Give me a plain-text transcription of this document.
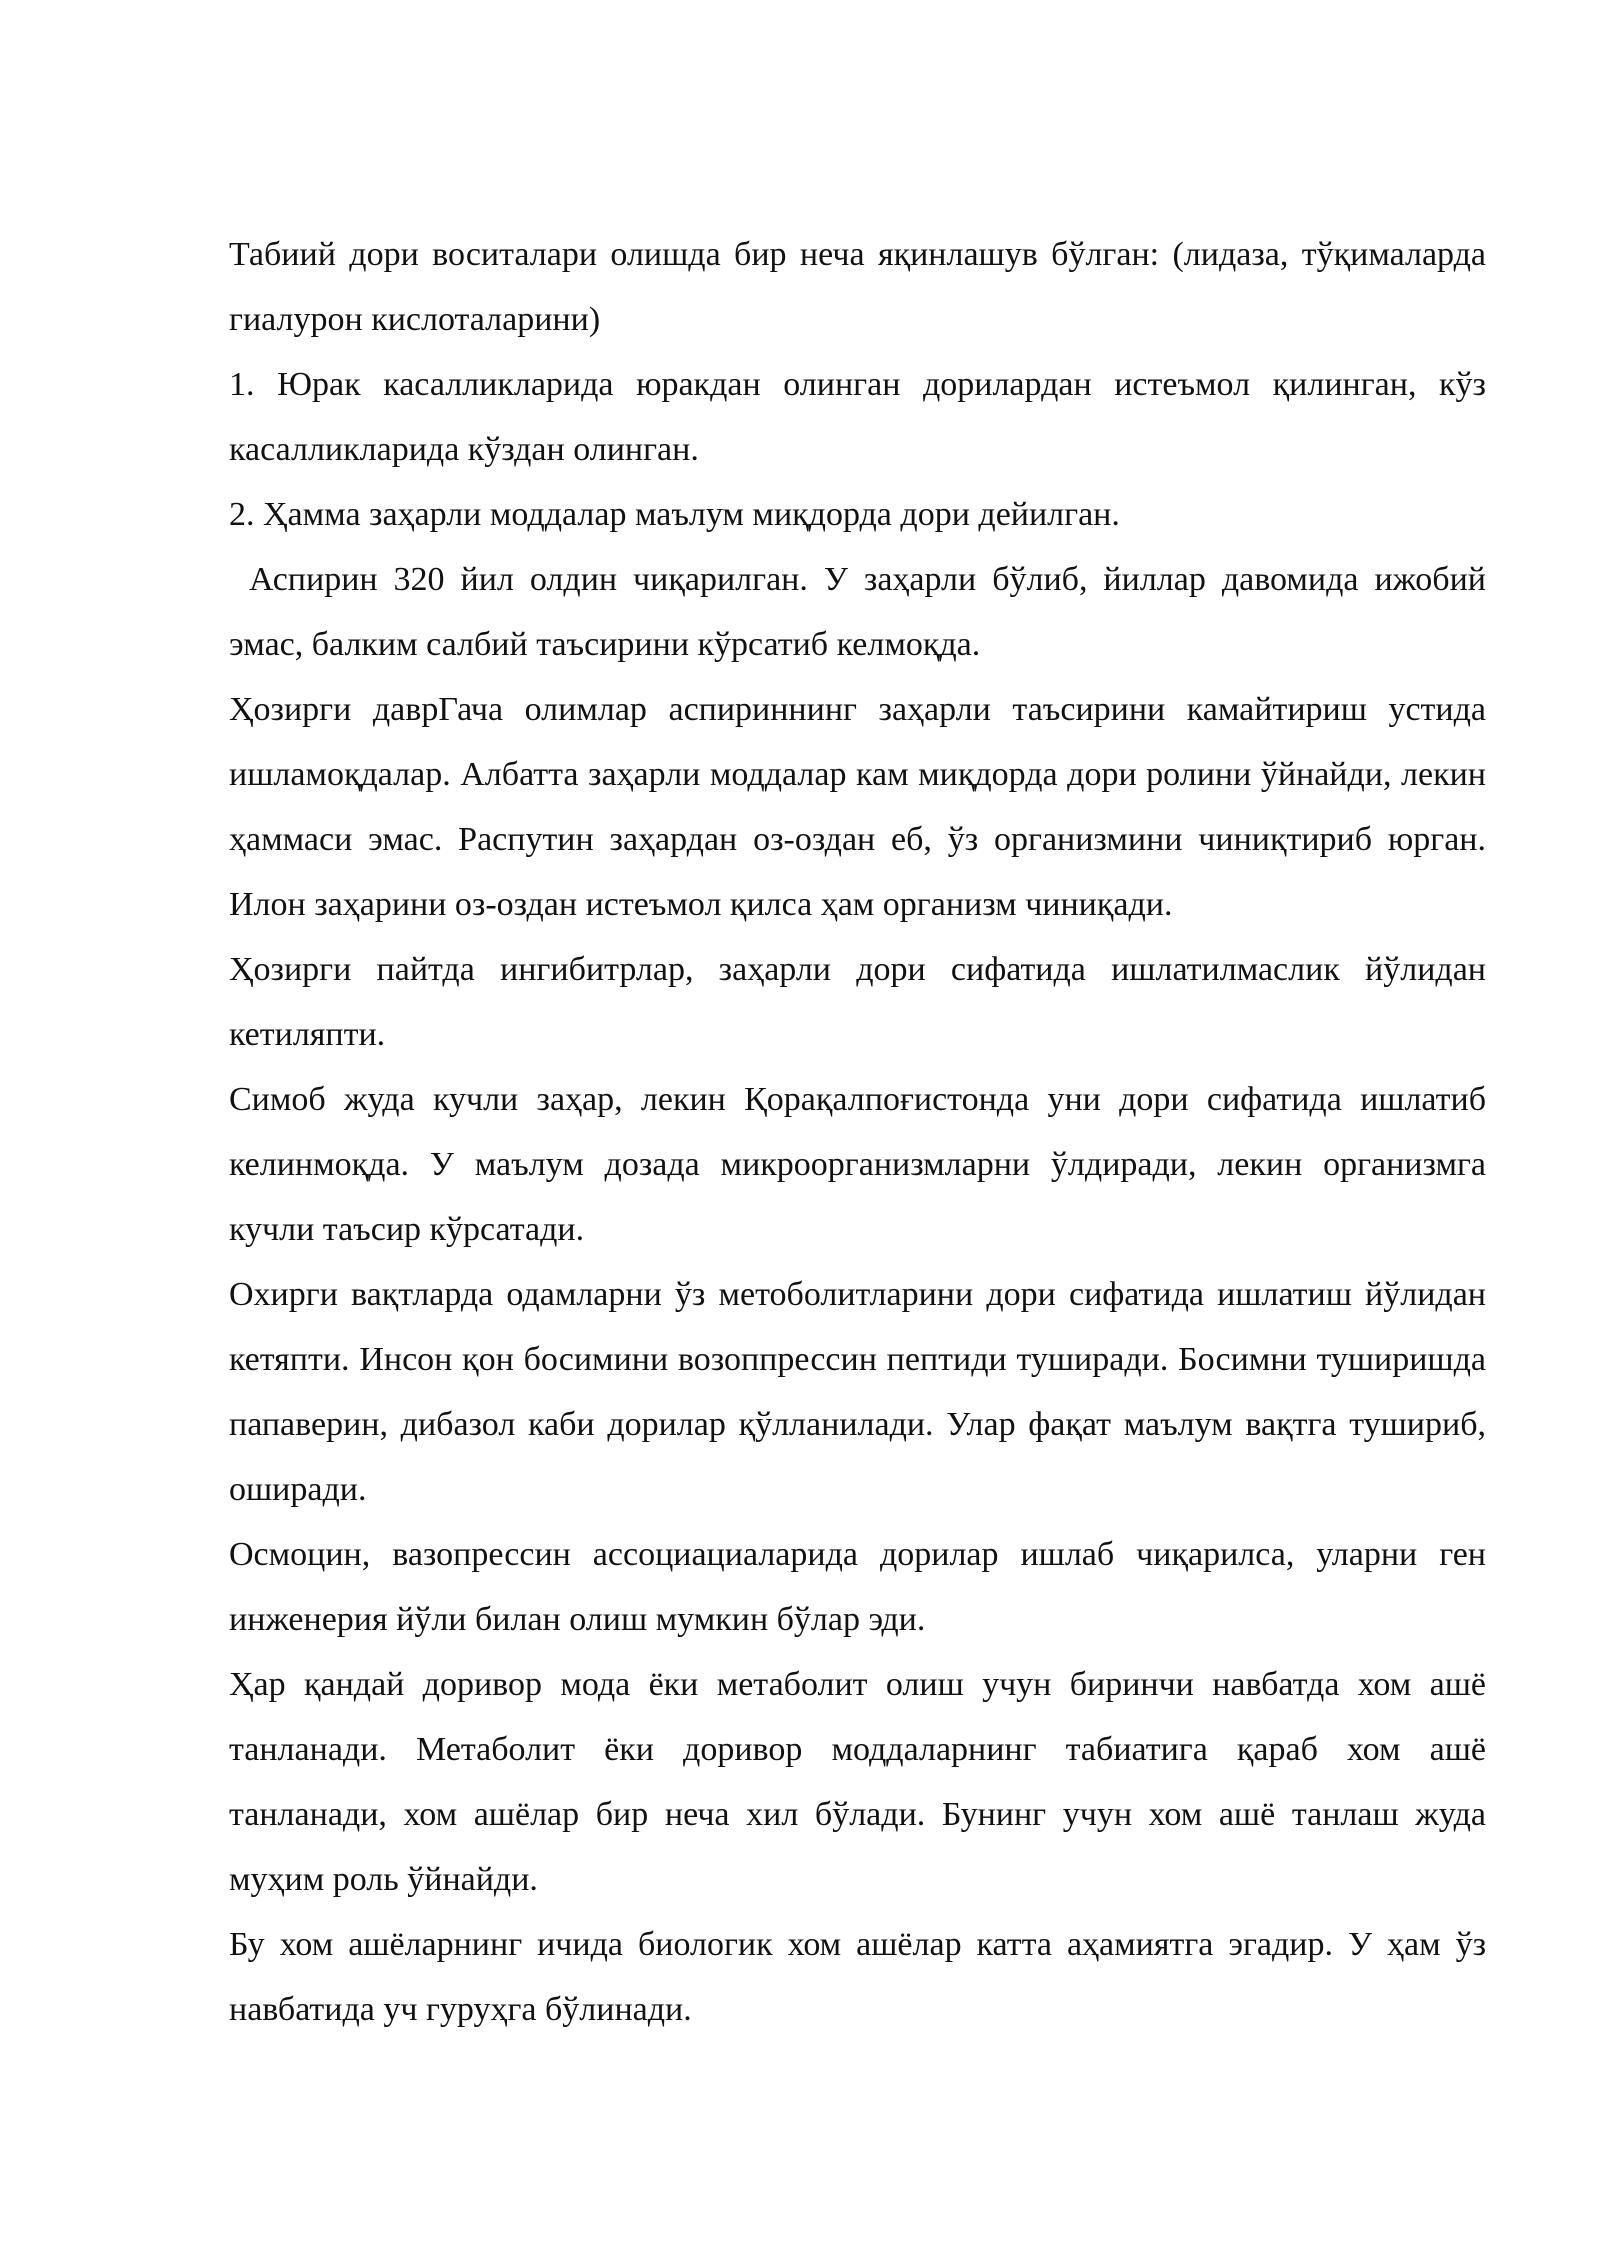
Табиий дори воситалари олишда бир неча яқинлашув бўлган: (лидаза, тўқималарда гиалурон кислоталарини)

1. Юрак касалликларида юракдан олинган дорилардан истеъмол қилинган, кўз касалликларида кўздан олинган.

2. Ҳамма заҳарли моддалар маълум миқдорда дори дейилган.

Аспирин 320 йил олдин чиқарилган. У заҳарли бўлиб, йиллар давомида ижобий эмас, балким салбий таъсирини кўрсатиб келмоқда.

Ҳозирги даврГача олимлар аспириннинг заҳарли таъсирини камайтириш устида ишламоқдалар. Албатта заҳарли моддалар кам миқдорда дори ролини ўйнайди, лекин ҳаммаси эмас. Распутин заҳардан оз-оздан еб, ўз организмини чиниқтириб юрган. Илон заҳарини оз-оздан истеъмол қилса ҳам организм чиниқади.

Ҳозирги пайтда ингибитрлар, заҳарли дори сифатида ишлатилмаслик йўлидан кетиляпти.

Симоб жуда кучли заҳар, лекин Қорақалпоғистонда уни дори сифатида ишлатиб келинмоқда. У маълум дозада микроорганизмларни ўлдиради, лекин организмга кучли таъсир кўрсатади.

Охирги вақтларда одамларни ўз метоболитларини дори сифатида ишлатиш йўлидан кетяпти. Инсон қон босимини возоппрессин пептиди туширади. Босимни туширишда папаверин, дибазол каби дорилар қўлланилади. Улар фақат маълум вақтга тушириб, оширади.

Осмоцин, вазопрессин ассоциациаларида дорилар ишлаб чиқарилса, уларни ген инженерия йўли билан олиш мумкин бўлар эди.

Ҳар қандай доривор мода ёки метаболит олиш учун биринчи навбатда хом ашё танланади. Метаболит ёки доривор моддаларнинг табиатига қараб хом ашё танланади, хом ашёлар бир неча хил бўлади. Бунинг учун хом ашё танлаш жуда муҳим роль ўйнайди.

Бу хом ашёларнинг ичида биологик хом ашёлар катта аҳамиятга эгадир. У ҳам ўз навбатида уч гуруҳга бўлинади.
